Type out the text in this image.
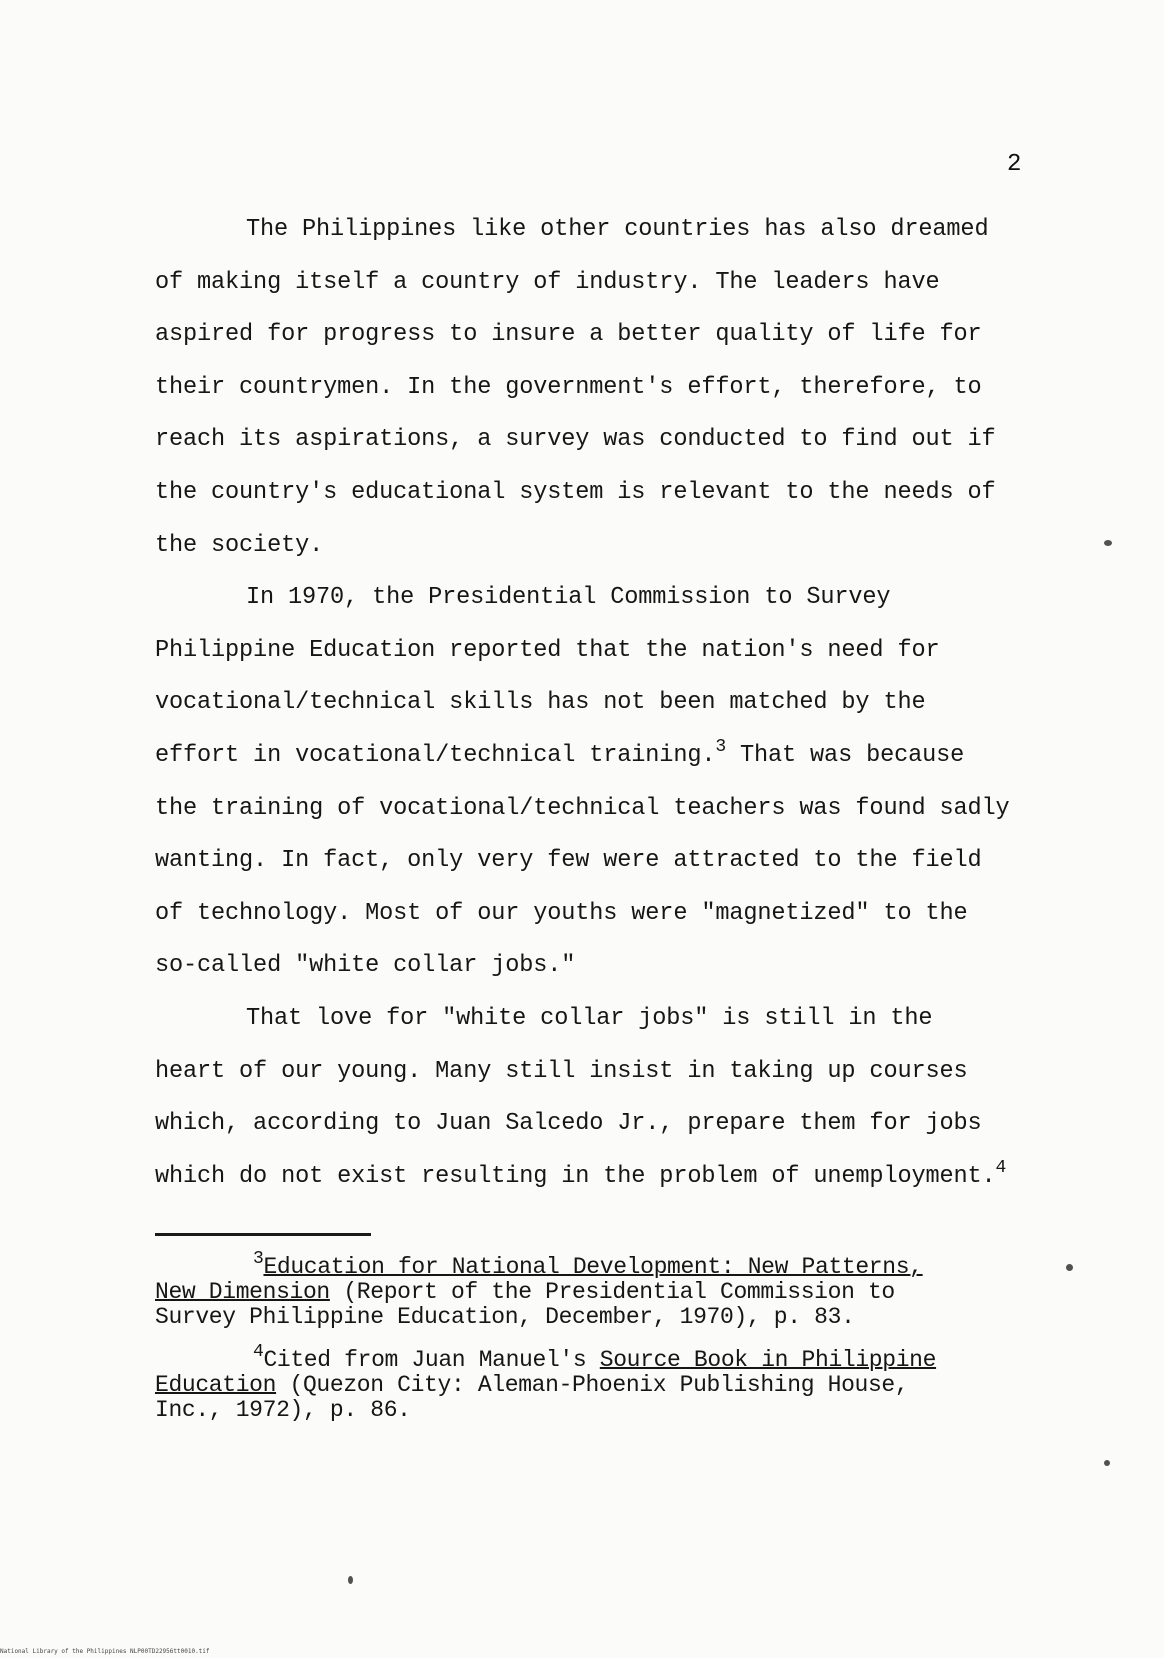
2
The Philippines like other countries has also dreamed
of making itself a country of industry. The leaders have
aspired for progress to insure a better quality of life for
their countrymen. In the government's effort, therefore, to
reach its aspirations, a survey was conducted to find out if
the country's educational system is relevant to the needs of
the society.
In 1970, the Presidential Commission to Survey
Philippine Education reported that the nation's need for
vocational/technical skills has not been matched by the
effort in vocational/technical training.3 That was because
the training of vocational/technical teachers was found sadly
wanting. In fact, only very few were attracted to the field
of technology. Most of our youths were "magnetized" to the
so-called "white collar jobs."
That love for "white collar jobs" is still in the
heart of our young. Many still insist in taking up courses
which, according to Juan Salcedo Jr., prepare them for jobs
which do not exist resulting in the problem of unemployment.4
3Education for National Development: New Patterns,
New Dimension (Report of the Presidential Commission to
Survey Philippine Education, December, 1970), p. 83.
4Cited from Juan Manuel's Source Book in Philippine
Education (Quezon City: Aleman-Phoenix Publishing House,
Inc., 1972), p. 86.
National Library of the Philippines NLP00TD22956tt0010.tif
